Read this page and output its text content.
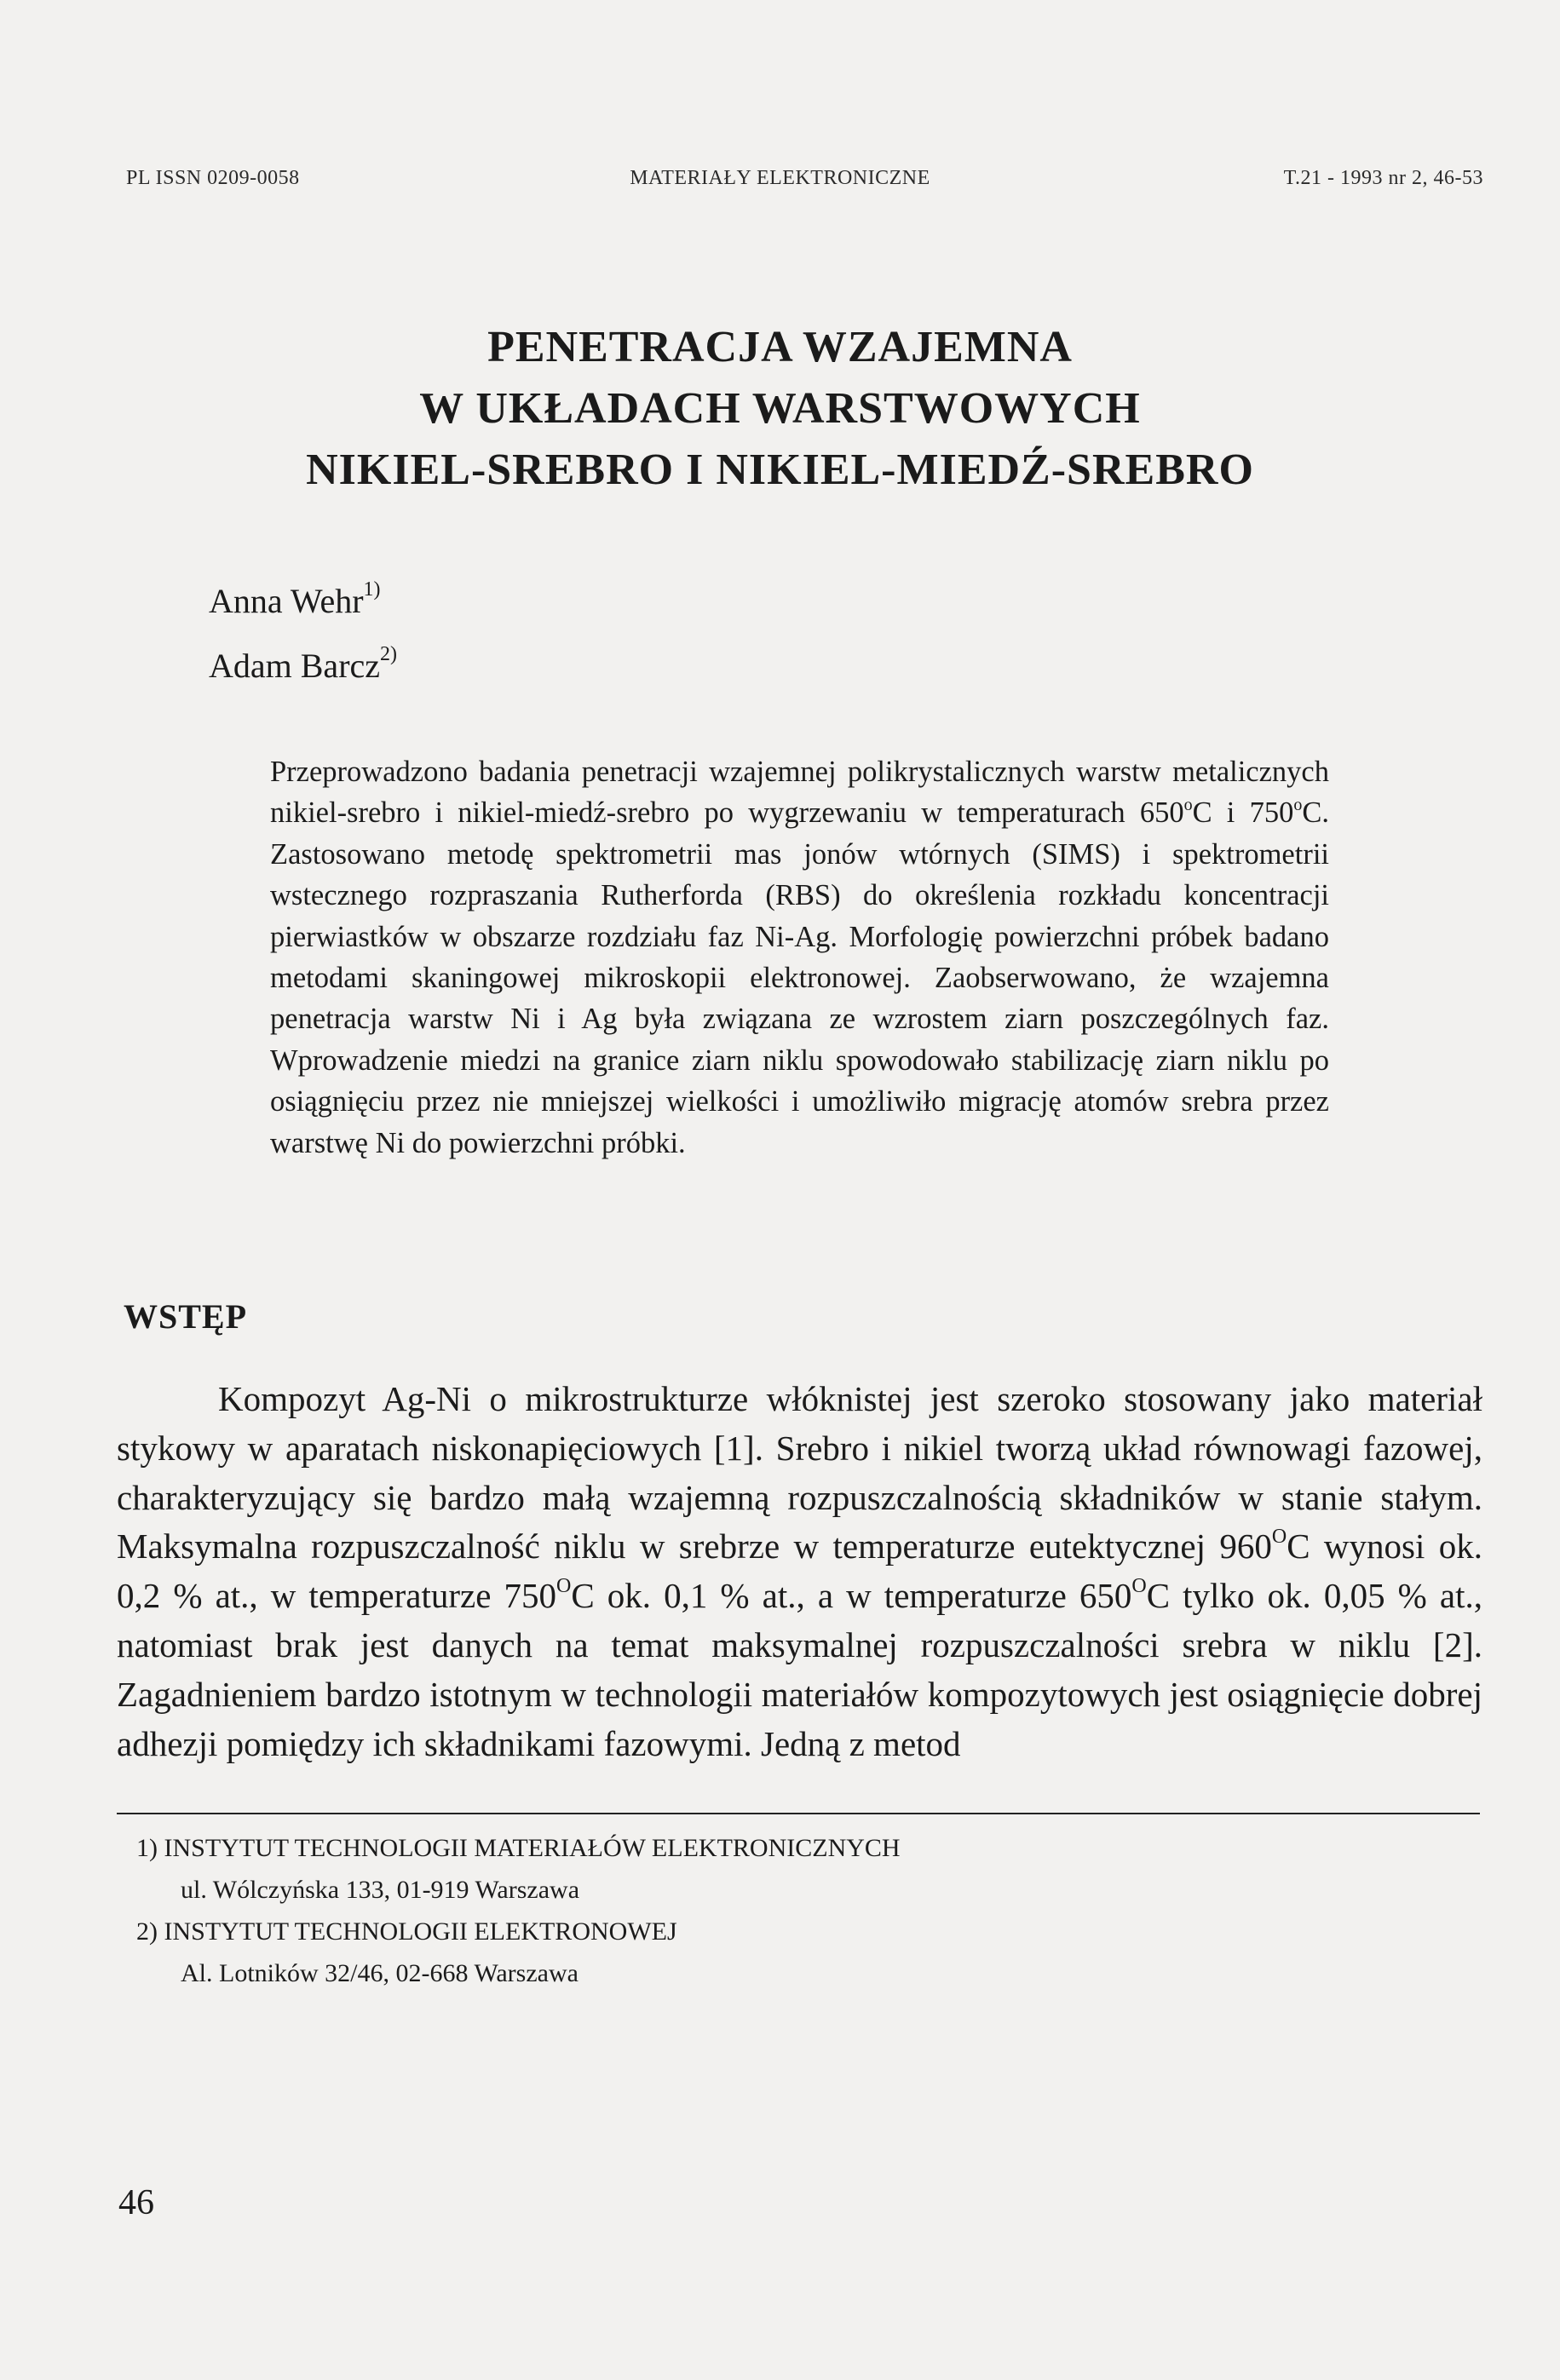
PL ISSN 0209-0058	MATERIAŁY ELEKTRONICZNE	T.21 - 1993 nr 2, 46-53
PENETRACJA WZAJEMNA
W UKŁADACH WARSTWOWYCH
NIKIEL-SREBRO I NIKIEL-MIEDŹ-SREBRO
Anna Wehr$^{1)}$
Adam Barcz$^{2)}$
Przeprowadzono badania penetracji wzajemnej polikrystalicznych warstw metalicznych nikiel-srebro i nikiel-miedź-srebro po wygrzewaniu w temperaturach 650$^o$C i 750$^o$C. Zastosowano metodę spektrometrii mas jonów wtórnych (SIMS) i spektrometrii wstecznego rozpraszania Rutherforda (RBS) do określenia rozkładu koncentracji pierwiastków w obszarze rozdziału faz Ni-Ag. Morfologię powierzchni próbek badano metodami skaningowej mikroskopii elektronowej. Zaobserwowano, że wzajemna penetracja warstw Ni i Ag była związana ze wzrostem ziarn poszczególnych faz. Wprowadzenie miedzi na granice ziarn niklu spowodowało stabilizację ziarn niklu po osiągnięciu przez nie mniejszej wielkości i umożliwiło migrację atomów srebra przez warstwę Ni do powierzchni próbki.
WSTĘP
Kompozyt Ag-Ni o mikrostrukturze włóknistej jest szeroko stosowany jako materiał stykowy w aparatach niskonapięciowych [1]. Srebro i nikiel tworzą układ równowagi fazowej, charakteryzujący się bardzo małą wzajemną rozpuszczalnością składników w stanie stałym. Maksymalna rozpuszczalność niklu w srebrze w temperaturze eutektycznej $960^OC$ wynosi ok. 0,2 % at., w temperaturze $750^OC$ ok. 0,1 % at., a w temperaturze $650^OC$ tylko ok. 0,05 % at., natomiast brak jest danych na temat maksymalnej rozpuszczalności srebra w niklu [2]. Zagadnieniem bardzo istotnym w technologii materiałów kompozytowych jest osiągnięcie dobrej adhezji pomiędzy ich składnikami fazowymi. Jedną z metod
1) INSTYTUT TECHNOLOGII MATERIAŁÓW ELEKTRONICZNYCH
ul. Wólczyńska 133, 01-919 Warszawa
2) INSTYTUT TECHNOLOGII ELEKTRONOWEJ
Al. Lotników 32/46, 02-668 Warszawa
46
